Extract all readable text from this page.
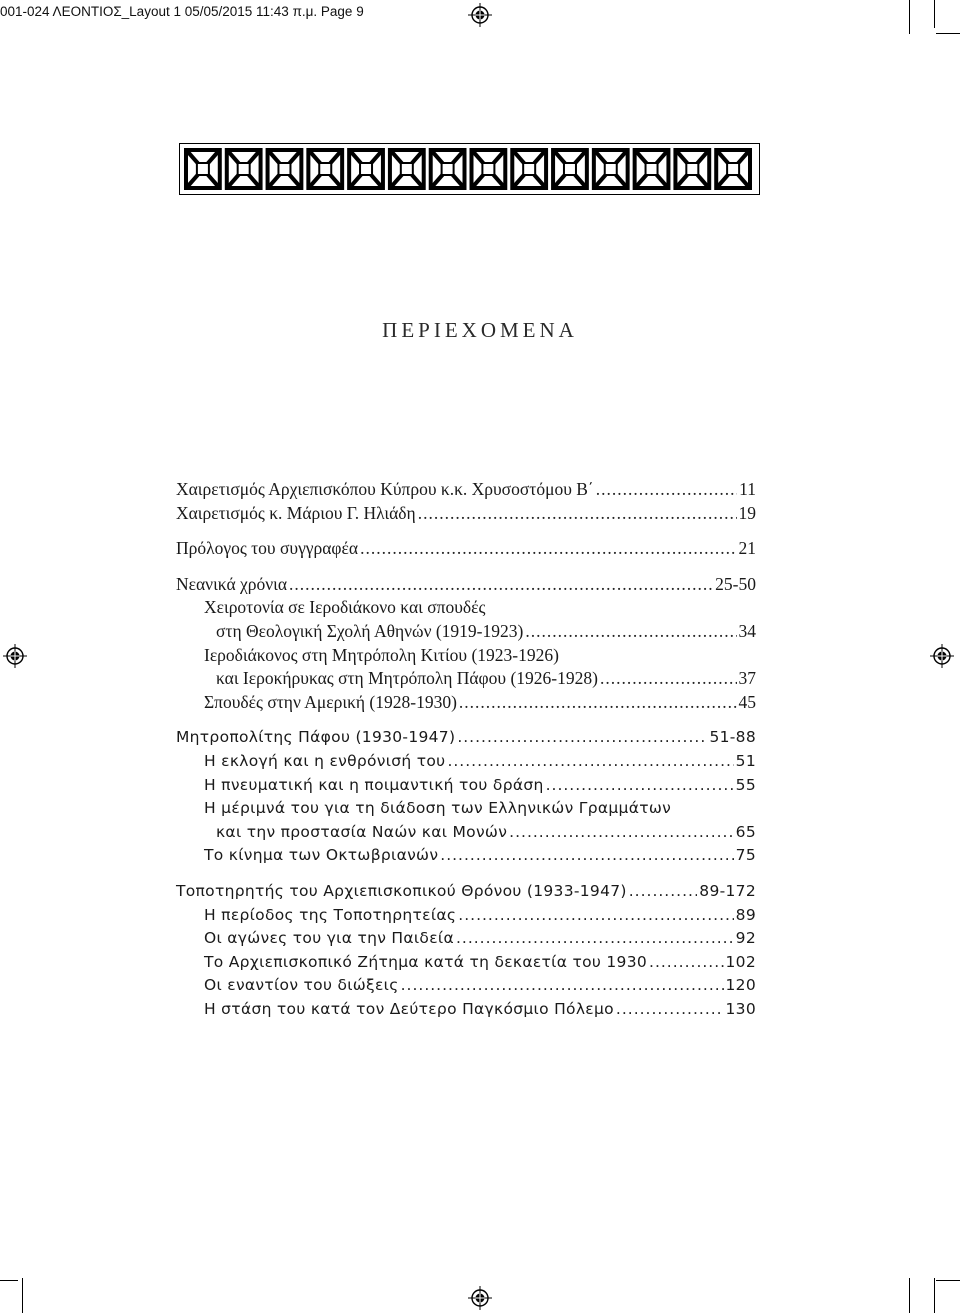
001-024 ΛΕΟΝΤΙΟΣ_Layout 1 05/05/2015 11:43 π.μ. Page 9
ΠΕΡΙΕΧΟΜΕΝΑ
Χαιρετισμός Αρχιεπισκόπου Κύπρου κ.κ. Χρυσοστόμου Β΄ .....	11
Χαιρετισμός κ. Μάριου Γ. Ηλιάδη .....	19
Πρόλογος του συγγραφέα .....	21
Νεανικά χρόνια .....	25-50
Χειροτονία σε Ιεροδιάκονο και σπουδές
στη Θεολογική Σχολή Αθηνών (1919-1923) .....	34
Ιεροδιάκονος στη Μητρόπολη Κιτίου (1923-1926)
και Ιεροκήρυκας στη Μητρόπολη Πάφου (1926-1928) .....	37
Σπουδές στην Αμερική (1928-1930) .....	45
Μητροπολίτης Πάφου (1930-1947) .....	51-88
Η εκλογή και η ενθρόνισή του .....	51
Η πνευματική και η ποιμαντική του δράση .....	55
Η μέριμνά του για τη διάδοση των Ελληνικών Γραμμάτων
και την προστασία Ναών και Μονών .....	65
Το κίνημα των Οκτωβριανών .....	75
Τοποτηρητής του Αρχιεπισκοπικού Θρόνου (1933-1947) .....	89-172
Η περίοδος της Τοποτηρητείας .....	89
Οι αγώνες του για την Παιδεία .....	92
Το Αρχιεπισκοπικό Ζήτημα κατά τη δεκαετία του 1930 .....	102
Οι εναντίον του διώξεις .....	120
Η στάση του κατά τον Δεύτερο Παγκόσμιο Πόλεμο .....	130
